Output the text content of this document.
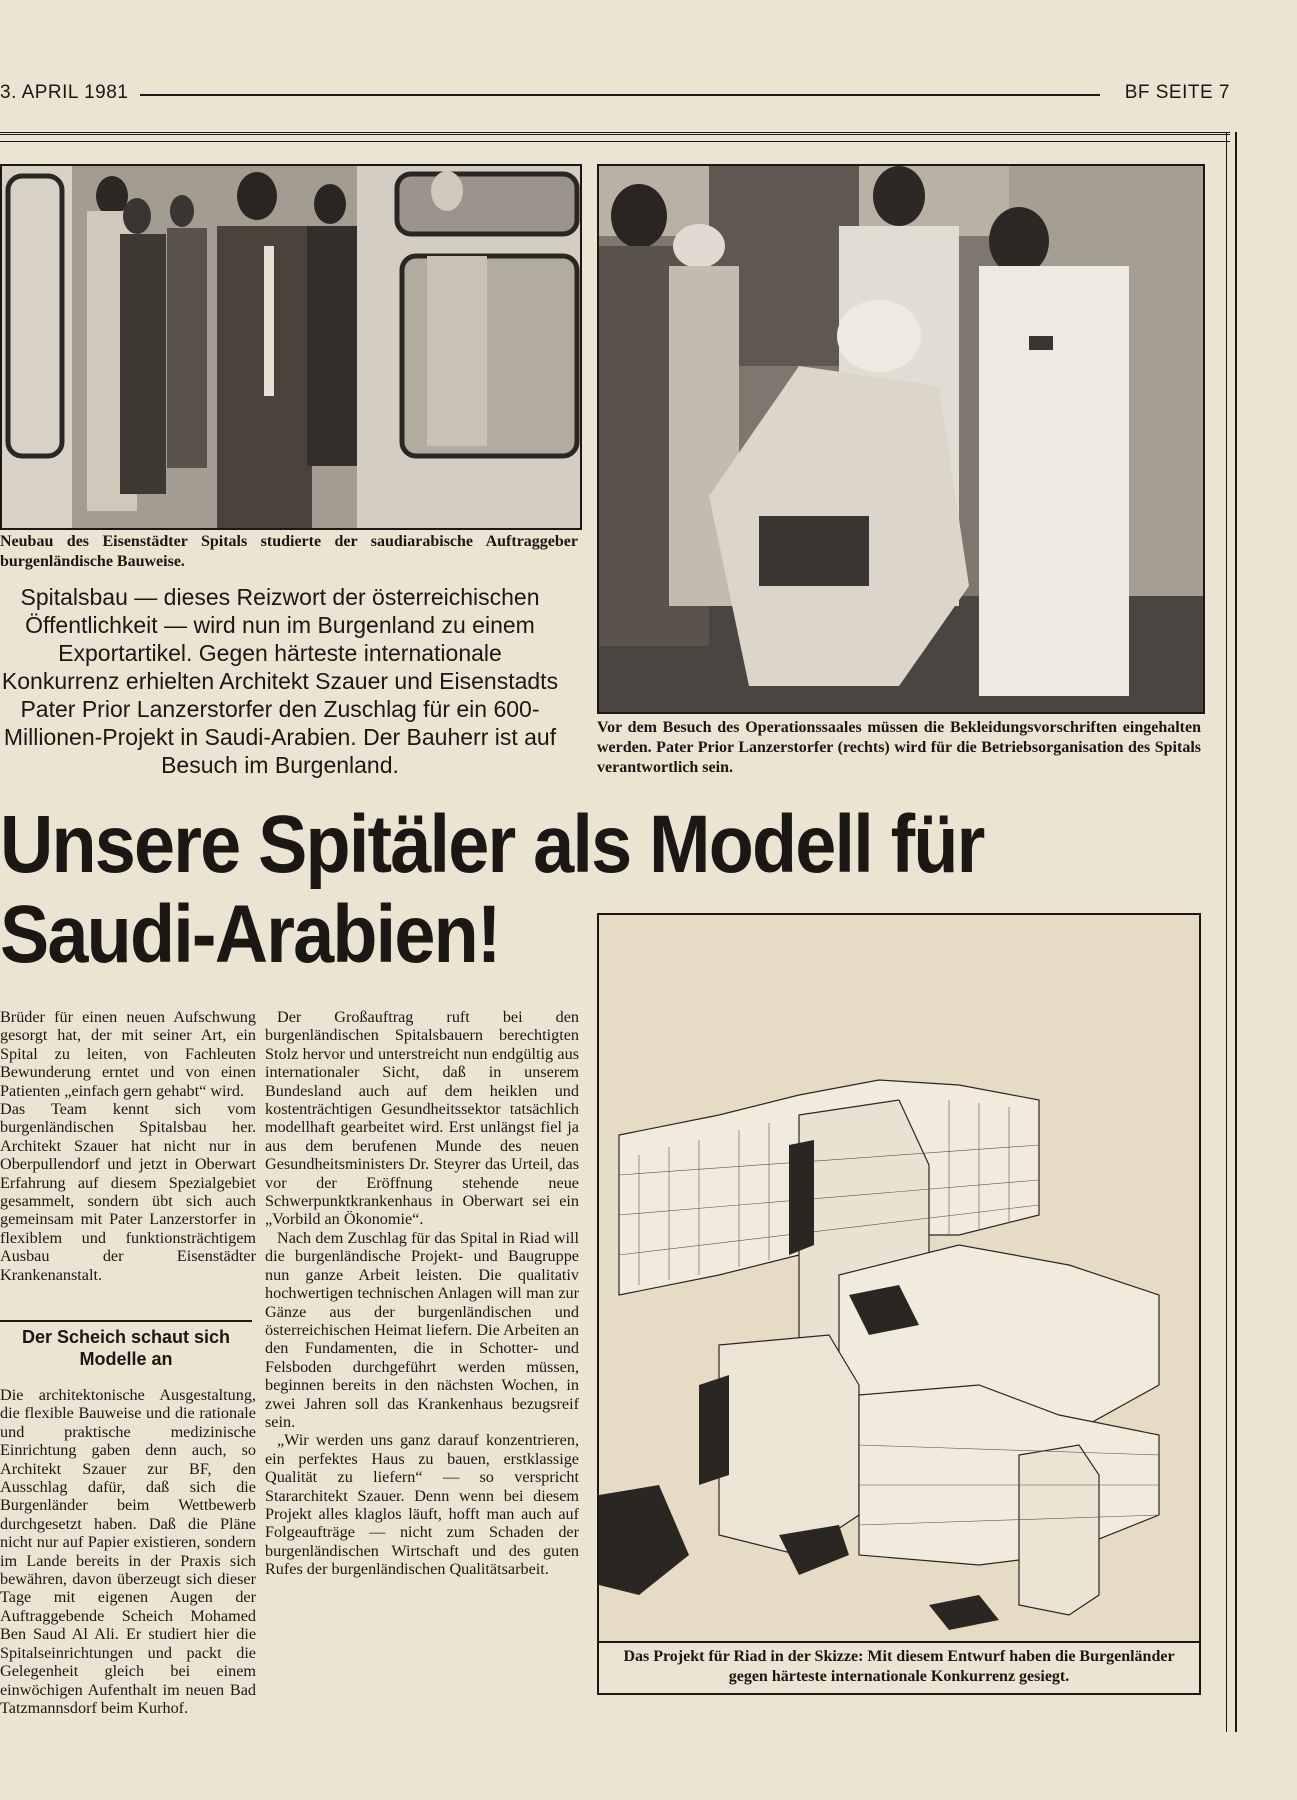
3. APRIL 1981	BF SEITE 7
Neubau des Eisenstädter Spitals studierte der saudiarabische Auftraggeber burgenländische Bauweise.
Vor dem Besuch des Operationssaales müssen die Bekleidungsvorschriften eingehalten werden. Pater Prior Lanzerstorfer (rechts) wird für die Betriebsorganisation des Spitals verantwortlich sein.
Spitalsbau — dieses Reizwort der österreichischen Öffentlichkeit — wird nun im Burgenland zu einem Exportartikel. Gegen härteste internationale Konkurrenz erhielten Architekt Szauer und Eisenstadts Pater Prior Lanzerstorfer den Zuschlag für ein 600-Millionen-Projekt in Saudi-Arabien. Der Bauherr ist auf Besuch im Burgenland.
Unsere Spitäler als Modell für
Saudi-Arabien!

Brüder für einen neuen Aufschwung gesorgt hat, der mit seiner Art, ein Spital zu leiten, von Fachleuten Bewunderung erntet und von einen Patienten „einfach gern gehabt“ wird.

Das Team kennt sich vom burgenländischen Spitalsbau her. Architekt Szauer hat nicht nur in Oberpullendorf und jetzt in Oberwart Erfahrung auf diesem Spezialgebiet gesammelt, sondern übt sich auch gemeinsam mit Pater Lanzerstorfer in flexiblem und funktionsträchtigem Ausbau der Eisenstädter Krankenanstalt.

Der Scheich schaut sich Modelle an

Die architektonische Ausgestaltung, die flexible Bauweise und die rationale und praktische medizinische Einrichtung gaben denn auch, so Architekt Szauer zur BF, den Ausschlag dafür, daß sich die Burgenländer beim Wettbewerb durchgesetzt haben. Daß die Pläne nicht nur auf Papier existieren, sondern im Lande bereits in der Praxis sich bewähren, davon überzeugt sich dieser Tage mit eigenen Augen der Auftraggebende Scheich Mohamed Ben Saud Al Ali. Er studiert hier die Spitalseinrichtungen und packt die Gelegenheit gleich bei einem einwöchigen Aufenthalt im neuen Bad Tatzmannsdorf beim Kurhof.

Der Großauftrag ruft bei den burgenländischen Spitalsbauern berechtigten Stolz hervor und unterstreicht nun endgültig aus internationaler Sicht, daß in unserem Bundesland auch auf dem heiklen und kostenträchtigen Gesundheitssektor tatsächlich modellhaft gearbeitet wird. Erst unlängst fiel ja aus dem berufenen Munde des neuen Gesundheitsministers Dr. Steyrer das Urteil, das vor der Eröffnung stehende neue Schwerpunktkrankenhaus in Oberwart sei ein „Vorbild an Ökonomie“.

Nach dem Zuschlag für das Spital in Riad will die burgenländische Projekt- und Baugruppe nun ganze Arbeit leisten. Die qualitativ hochwertigen technischen Anlagen will man zur Gänze aus der burgenländischen und österreichischen Heimat liefern. Die Arbeiten an den Fundamenten, die in Schotter- und Felsboden durchgeführt werden müssen, beginnen bereits in den nächsten Wochen, in zwei Jahren soll das Krankenhaus bezugsreif sein.

„Wir werden uns ganz darauf konzentrieren, ein perfektes Haus zu bauen, erstklassige Qualität zu liefern“ — so verspricht Stararchitekt Szauer. Denn wenn bei diesem Projekt alles klaglos läuft, hofft man auch auf Folgeaufträge — nicht zum Schaden der burgenländischen Wirtschaft und des guten Rufes der burgenländischen Qualitätsarbeit.

Das Projekt für Riad in der Skizze: Mit diesem Entwurf haben die Burgenländer gegen härteste internationale Konkurrenz gesiegt.
